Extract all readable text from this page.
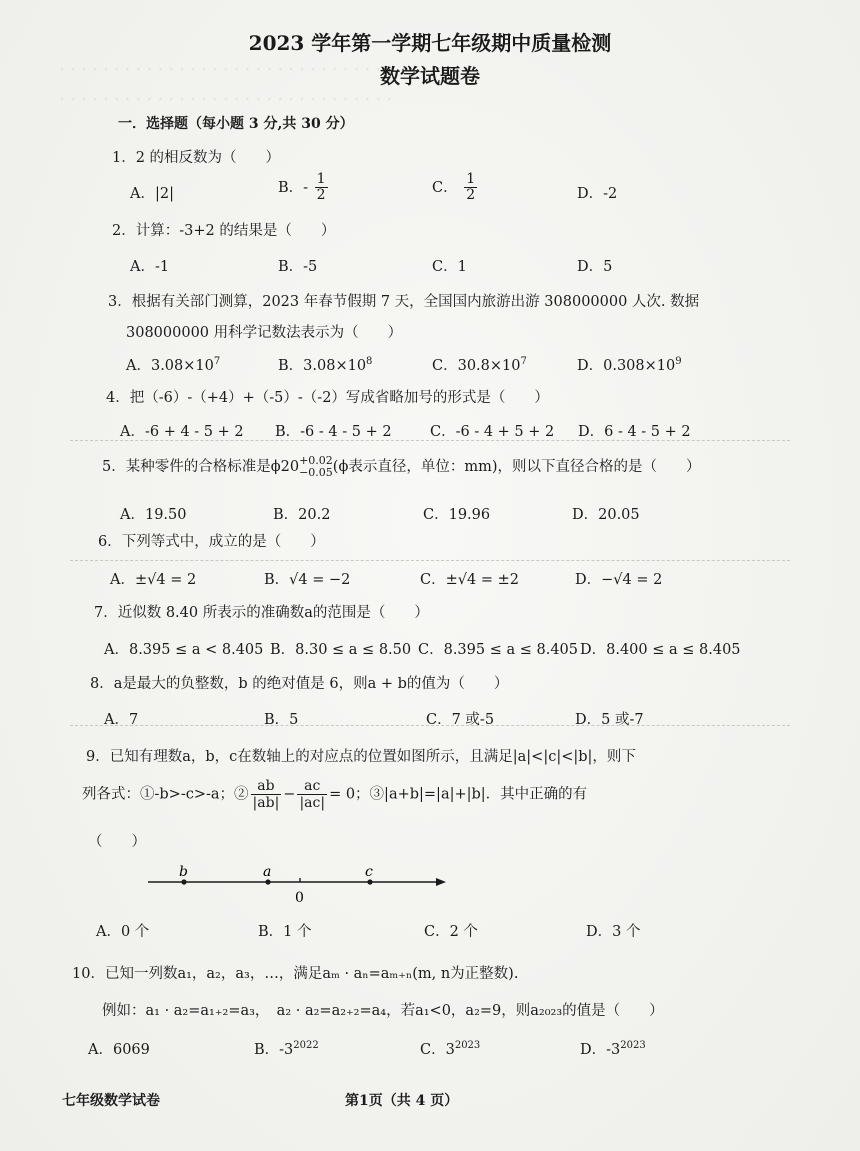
· · · · · · · · · · · · · · · · · · · · · · · · · · · · · · ·
· · · · · · · · · · · · · · · · · · · · · · · · · · · · · · ·
2023 学年第一学期七年级期中质量检测
数学试题卷
一．选择题（每小题 3 分,共 30 分）
1．2 的相反数为（　　）
A．|2|	B．- $\frac{1}{2}$	C． $\frac{1}{2}$	D．-2
2．计算：-3+2 的结果是（　　）
A．-1	B．-5	C．1	D．5
3．根据有关部门测算，2023 年春节假期 7 天，全国国内旅游出游 308000000 人次. 数据
308000000 用科学记数法表示为（　　）
A．$3.08\times 10^7$	B．$3.08\times 10^8$	C．$30.8\times 10^7$	D．$0.308\times 10^9$
4．把（-6）-（+4）+（-5）-（-2）写成省略加号的形式是（　　）
A．-6 + 4 - 5 + 2 B．-6 - 4 - 5 + 2	C．-6 - 4 + 5 + 2 D．6 - 4 - 5 + 2
5．某种零件的合格标准是ϕ20 +0.02
−0.05 (ϕ表示直径，单位：mm)，则以下直径合格的是（　　）
A．19.50	B．20.2	C．19.96	D．20.05
6．下列等式中，成立的是（　　）
A．±√4 = 2	B．√4 = −2	C．±√4 = ±2	D．−√4 = 2
7．近似数 8.40 所表示的准确数a的范围是（　　）
A．8.395 ≤ a < 8.405 B．8.30 ≤ a ≤ 8.50 C．8.395 ≤ a ≤ 8.405 D．8.400 ≤ a ≤ 8.405
8．a是最大的负整数，b 的绝对值是 6，则a + b的值为（　　）
A．7	B．5	C．7 或-5	D．5 或-7
9．已知有理数a，b，c在数轴上的对应点的位置如图所示，且满足|a|<|c|<|b|，则下
列各式：①-b>-c>-a；② $\frac{ab}{|ab|} - \frac{ac}{|ac|} = 0$；③|a+b|=|a|+|b|．其中正确的有
（　　）
b	a
0
c
A．0 个	B．1 个	C．2 个	D．3 个
10．已知一列数a₁，a₂，a₃，…，满足aₘ · aₙ=aₘ₊ₙ(m, n为正整数).
例如：a₁ · a₂=a₁₊₂=a₃，　a₂ · a₂=a₂₊₂=a₄，若a₁<0，a₂=9，则a₂₀₂₃的值是（　　）
A．6069	B．$-3^{2022}$	C．$3^{2023}$	D．$-3^{2023}$
七年级数学试卷	第1页（共 4 页）
